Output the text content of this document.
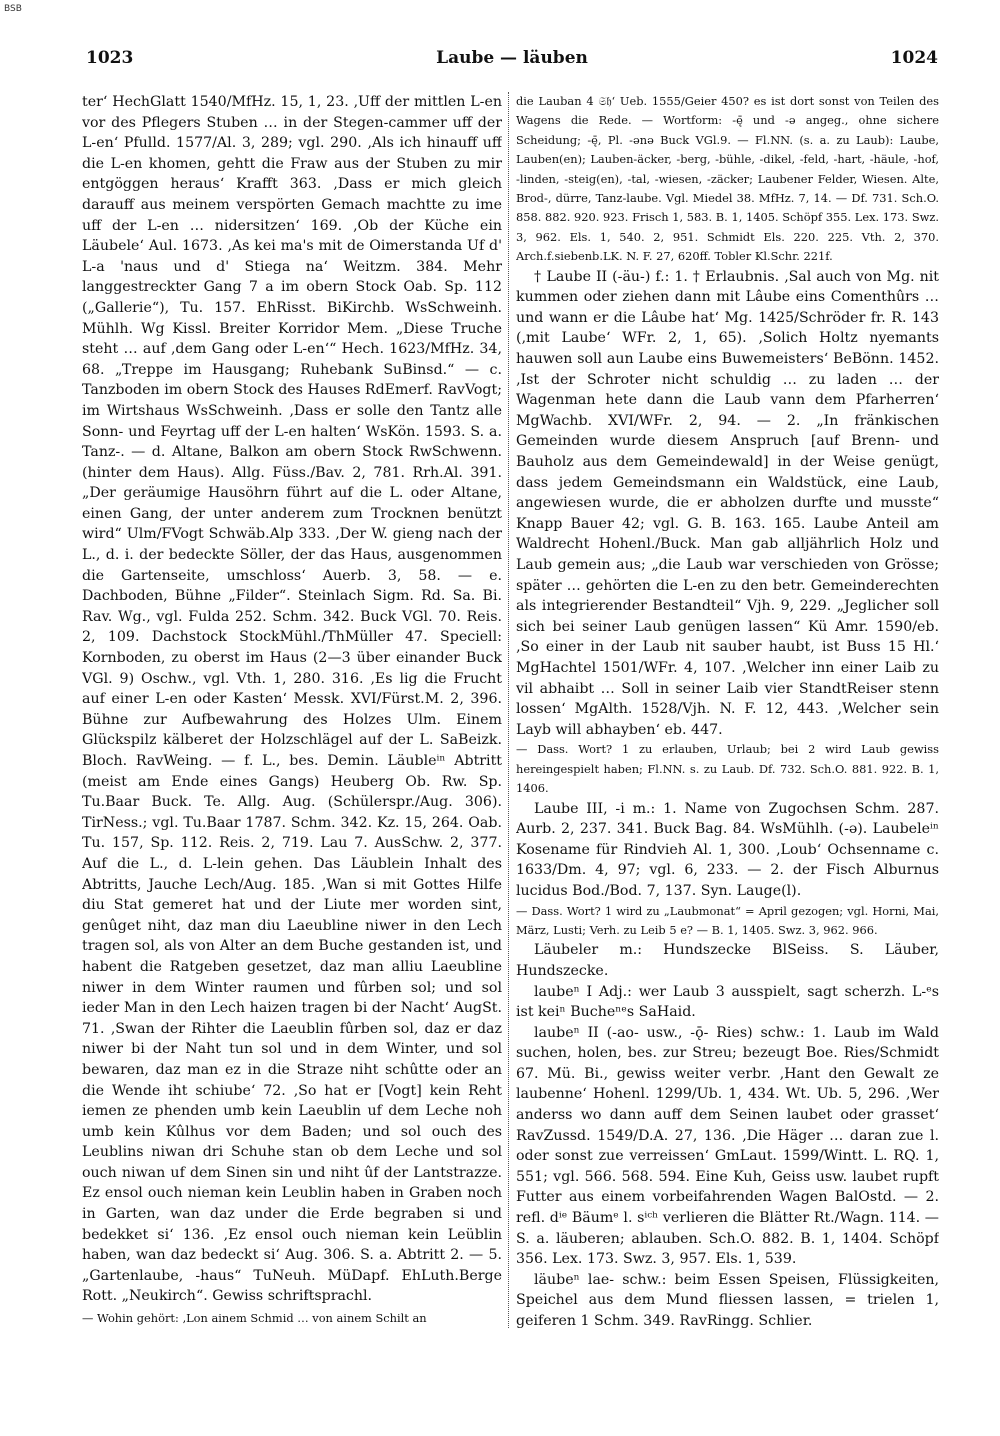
BSB
1023	Laube — läuben	1024

ter‘ HechGlatt 1540/MfHz. 15, 1, 23. ‚Uff der mittlen L-en vor des Pflegers Stuben … in der Stegen-cammer uff der L-en‘ Pfulld. 1577/Al. 3, 289; vgl. 290. ‚Als ich hinauff uff die L-en khomen, gehtt die Fraw aus der Stuben zu mir entgöggen heraus‘ Krafft 363. ‚Dass er mich gleich darauff aus meinem verspörten Gemach machtte zu ime uff der L-en … nidersitzen‘ 169. ‚Ob der Küche ein Läubele‘ Aul. 1673. ‚As kei ma's mit de Oimerstanda Uf d' L-a 'naus und d' Stiega na‘ Weitzm. 384. Mehr langgestreckter Gang 7 a im obern Stock Oab. Sp. 112 („Gallerie“), Tu. 157. EhRisst. BiKirchb. WsSchweinh. Mühlh. Wg Kissl. Breiter Korridor Mem. „Diese Truche steht … auf ‚dem Gang oder L-en‘“ Hech. 1623/MfHz. 34, 68. „Treppe im Hausgang; Ruhebank SuBinsd.“ — c. Tanzboden im obern Stock des Hauses RdEmerf. RavVogt; im Wirtshaus WsSchweinh. ‚Dass er solle den Tantz alle Sonn- und Feyrtag uff der L-en halten‘ WsKön. 1593. S. a. Tanz-. — d. Altane, Balkon am obern Stock RwSchwenn. (hinter dem Haus). Allg. Füss./Bav. 2, 781. Rrh.Al. 391. „Der geräumige Hausöhrn führt auf die L. oder Altane, einen Gang, der unter anderem zum Trocknen benützt wird“ Ulm/FVogt Schwäb.Alp 333. ‚Der W. gieng nach der L., d. i. der bedeckte Söller, der das Haus, ausgenommen die Gartenseite, umschloss‘ Auerb. 3, 58. — e. Dachboden, Bühne „Filder“. Steinlach Sigm. Rd. Sa. Bi. Rav. Wg., vgl. Fulda 252. Schm. 342. Buck VGl. 70. Reis. 2, 109. Dachstock StockMühl./ThMüller 47. Speciell: Kornboden, zu oberst im Haus (2—3 über einander Buck VGl. 9) Oschw., vgl. Vth. 1, 280. 316. ‚Es lig die Frucht auf einer L-en oder Kasten‘ Messk. XVI/Fürst.M. 2, 396. Bühne zur Aufbewahrung des Holzes Ulm. Einem Glückspilz kälberet der Holzschlägel auf der L. SaBeizk. Bloch. RavWeing. — f. L., bes. Demin. Läubleⁱⁿ Abtritt (meist am Ende eines Gangs) Heuberg Ob. Rw. Sp. Tu.Baar Buck. Te. Allg. Aug. (Schülerspr./Aug. 306). TirNess.; vgl. Tu.Baar 1787. Schm. 342. Kz. 15, 264. Oab. Tu. 157, Sp. 112. Reis. 2, 719. Lau 7. AusSchw. 2, 377. Auf die L., d. L-lein gehen. Das Läublein Inhalt des Abtritts, Jauche Lech/Aug. 185. ‚Wan si mit Gottes Hilfe diu Stat gemeret hat und der Liute mer worden sint, genûget niht, daz man diu Laeubline niwer in den Lech tragen sol, als von Alter an dem Buche gestanden ist, und habent die Ratgeben gesetzet, daz man alliu Laeubline niwer in dem Winter raumen und fûrben sol; und sol ieder Man in den Lech haizen tragen bi der Nacht‘ AugSt. 71. ‚Swan der Rihter die Laeublin fûrben sol, daz er daz niwer bi der Naht tun sol und in dem Winter, und sol bewaren, daz man ez in die Straze niht schûtte oder an die Wende iht schiube‘ 72. ‚So hat er [Vogt] kein Reht iemen ze phenden umb kein Laeublin uf dem Leche noh umb kein Kûlhus vor dem Baden; und sol ouch des Leublins niwan dri Schuhe stan ob dem Leche und sol ouch niwan uf dem Sinen sin und niht ûf der Lantstrazze. Ez ensol ouch nieman kein Leublin haben in Graben noch in Garten, wan daz under die Erde begraben si und bedekket si‘ 136. ‚Ez ensol ouch nieman kein Leüblin haben, wan daz bedeckt si‘ Aug. 306. S. a. Abtritt 2. — 5. „Gartenlaube, -haus“ TuNeuh. MüDapf. EhLuth.Berge Rott. „Neukirch“. Gewiss schriftsprachl.

— Wohin gehört: ‚Lon ainem Schmid … von ainem Schilt an

die Lauban 4 𝔖𝔥‘ Ueb. 1555/Geier 450? es ist dort sonst von Teilen des Wagens die Rede. — Wortform: -ę̄ und -ə angeg., ohne sichere Scheidung; -ę̄, Pl. -ənə Buck VGl.9. — Fl.NN. (s. a. zu Laub): Laube, Lauben(en); Lauben-äcker, -berg, -bühle, -dikel, -feld, -hart, -häule, -hof, -linden, -steig(en), -tal, -wiesen, -zäcker; Laubener Felder, Wiesen. Alte, Brod-, dürre, Tanz-laube. Vgl. Miedel 38. MfHz. 7, 14. — Df. 731. Sch.O. 858. 882. 920. 923. Frisch 1, 583. B. 1, 1405. Schöpf 355. Lex. 173. Swz. 3, 962. Els. 1, 540. 2, 951. Schmidt Els. 220. 225. Vth. 2, 370. Arch.f.siebenb.LK. N. F. 27, 620ff. Tobler Kl.Schr. 221f.

† Laube II (-äu-) f.: 1. † Erlaubnis. ‚Sal auch von Mg. nit kummen oder ziehen dann mit Lâube eins Comenthûrs … und wann er die Lâube hat‘ Mg. 1425/Schröder fr. R. 143 (‚mit Laube‘ WFr. 2, 1, 65). ‚Solich Holtz nyemants hauwen soll aun Laube eins Buwemeisters‘ BeBönn. 1452. ‚Ist der Schroter nicht schuldig … zu laden … der Wagenman hete dann die Laub vann dem Pfarherren‘ MgWachb. XVI/WFr. 2, 94. — 2. „In fränkischen Gemeinden wurde diesem Anspruch [auf Brenn- und Bauholz aus dem Gemeindewald] in der Weise genügt, dass jedem Gemeindsmann ein Waldstück, eine Laub, angewiesen wurde, die er abholzen durfte und musste“ Knapp Bauer 42; vgl. G. B. 163. 165. Laube Anteil am Waldrecht Hohenl./Buck. Man gab alljährlich Holz und Laub gemein aus; „die Laub war verschieden von Grösse; später … gehörten die L-en zu den betr. Gemeinderechten als integrierender Bestandteil“ Vjh. 9, 229. „Jeglicher soll sich bei seiner Laub genügen lassen“ Kü Amr. 1590/eb. ‚So einer in der Laub nit sauber haubt, ist Buss 15 Hl.‘ MgHachtel 1501/WFr. 4, 107. ‚Welcher inn einer Laib zu vil abhaibt … Soll in seiner Laib vier StandtReiser stenn lossen‘ MgAlth. 1528/Vjh. N. F. 12, 443. ‚Welcher sein Layb will abhayben‘ eb. 447.

— Dass. Wort? 1 zu erlauben, Urlaub; bei 2 wird Laub gewiss hereingespielt haben; Fl.NN. s. zu Laub. Df. 732. Sch.O. 881. 922. B. 1, 1406.

Laube III, -i m.: 1. Name von Zugochsen Schm. 287. Aurb. 2, 237. 341. Buck Bag. 84. WsMühlh. (-ə). Laubeleⁱⁿ Kosename für Rindvieh Al. 1, 300. ‚Loub‘ Ochsenname c. 1633/Dm. 4, 97; vgl. 6, 233. — 2. der Fisch Alburnus lucidus Bod./Bod. 7, 137. Syn. Lauge(l).

— Dass. Wort? 1 wird zu „Laubmonat“ = April gezogen; vgl. Horni, Mai, März, Lusti; Verh. zu Leib 5 e? — B. 1, 1405. Swz. 3, 962. 966.

Läubeler m.: Hundszecke BlSeiss. S. Läuber, Hundszecke.

laubeⁿ I Adj.: wer Laub 3 ausspielt, sagt scherzh. L-ᵉs ist keiⁿ Bucheⁿᵉs SaHaid.

laubeⁿ II (-ao- usw., -ǭ- Ries) schw.: 1. Laub im Wald suchen, holen, bes. zur Streu; bezeugt Boe. Ries/Schmidt 67. Mü. Bi., gewiss weiter verbr. ‚Hant den Gewalt ze laubenne‘ Hohenl. 1299/Ub. 1, 434. Wt. Ub. 5, 296. ‚Wer anderss wo dann auff dem Seinen laubet oder grasset‘ RavZussd. 1549/D.A. 27, 136. ‚Die Häger … daran zue l. oder sonst zue verreissen‘ GmLaut. 1599/Wintt. L. RQ. 1, 551; vgl. 566. 568. 594. Eine Kuh, Geiss usw. laubet rupft Futter aus einem vorbeifahrenden Wagen BalOstd. — 2. refl. dⁱᵉ Bäumᵉ l. sⁱᶜʰ verlieren die Blätter Rt./Wagn. 114. — S. a. läuberen; ablauben. Sch.O. 882. B. 1, 1404. Schöpf 356. Lex. 173. Swz. 3, 957. Els. 1, 539.

läubeⁿ lae- schw.: beim Essen Speisen, Flüssigkeiten, Speichel aus dem Mund fliessen lassen, = trielen 1, geiferen 1 Schm. 349. RavRingg. Schlier.
